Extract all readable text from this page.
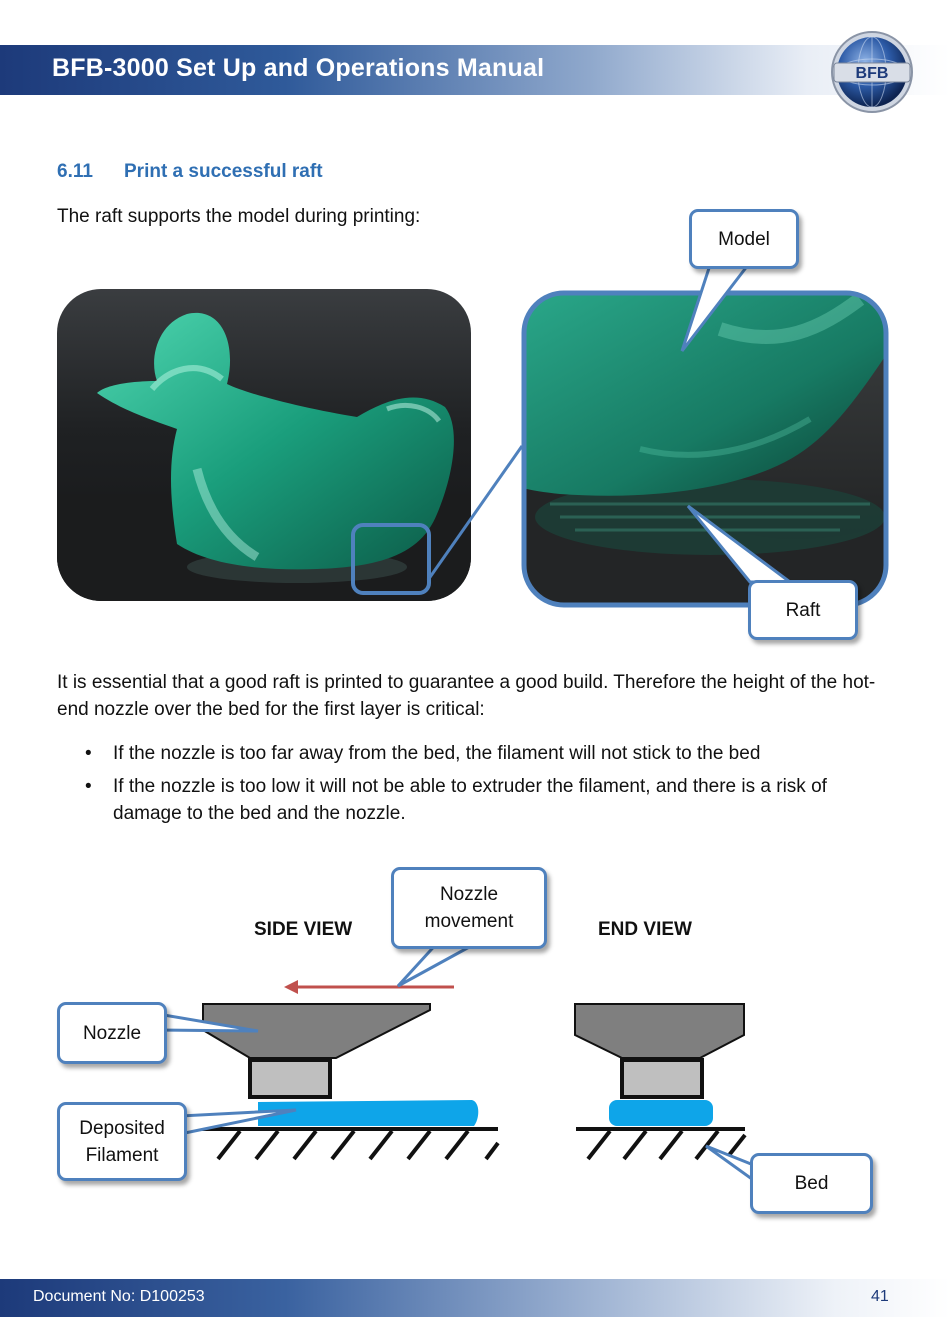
BFB-3000 Set Up and Operations Manual	BFB
6.11 Print a successful raft
The raft supports the model during printing:
Model
Raft
It is essential that a good raft is printed to guarantee a good build. Therefore the height of the hot-end nozzle over the bed for the first layer is critical:
• If the nozzle is too far away from the bed, the filament will not stick to the bed
• If the nozzle is too low it will not be able to extruder the filament, and there is a risk of damage to the bed and the nozzle.
SIDE VIEW	END VIEW
Nozzle movement
Nozzle
Deposited Filament
Bed
Document No: D100253	41
